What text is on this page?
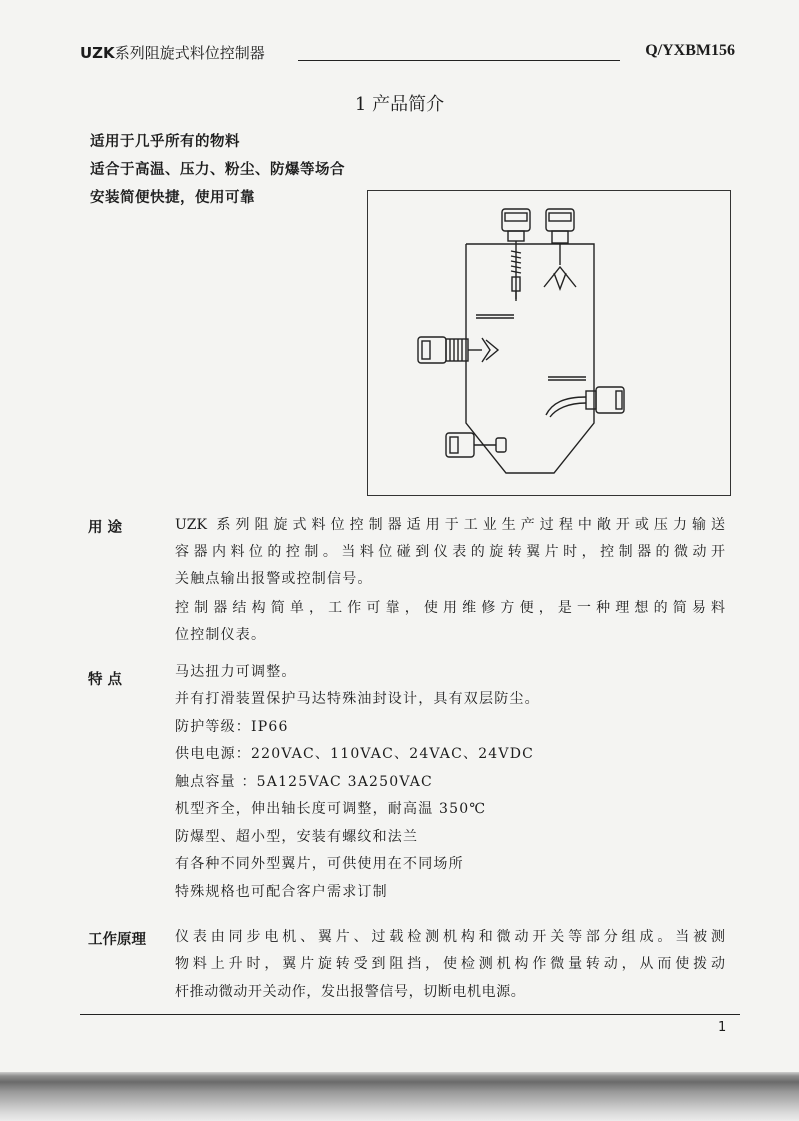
UZK系列阻旋式料位控制器	Q/YXBM156
1 产品简介
适用于几乎所有的物料
适合于高温、压力、粉尘、防爆等场合
安装简便快捷，使用可靠
用 途	UZK 系列阻旋式料位控制器适用于工业生产过程中敞开或压力输送
容器内料位的控制。当料位碰到仪表的旋转翼片时，控制器的微动开
关触点输出报警或控制信号。
控制器结构简单，工作可靠，使用维修方便，是一种理想的简易料
位控制仪表。
特 点	马达扭力可调整。
并有打滑装置保护马达特殊油封设计，具有双层防尘。
防护等级：IP66
供电电源：220VAC、110VAC、24VAC、24VDC
触点容量 ：5A125VAC 3A250VAC
机型齐全，伸出轴长度可调整，耐高温 350℃
防爆型、超小型，安装有螺纹和法兰
有各种不同外型翼片，可供使用在不同场所
特殊规格也可配合客户需求订制
工作原理 仪表由同步电机、翼片、过载检测机构和微动开关等部分组成。当被测
物料上升时，翼片旋转受到阻挡，使检测机构作微量转动，从而使拨动
杆推动微动开关动作，发出报警信号，切断电机电源。
1
